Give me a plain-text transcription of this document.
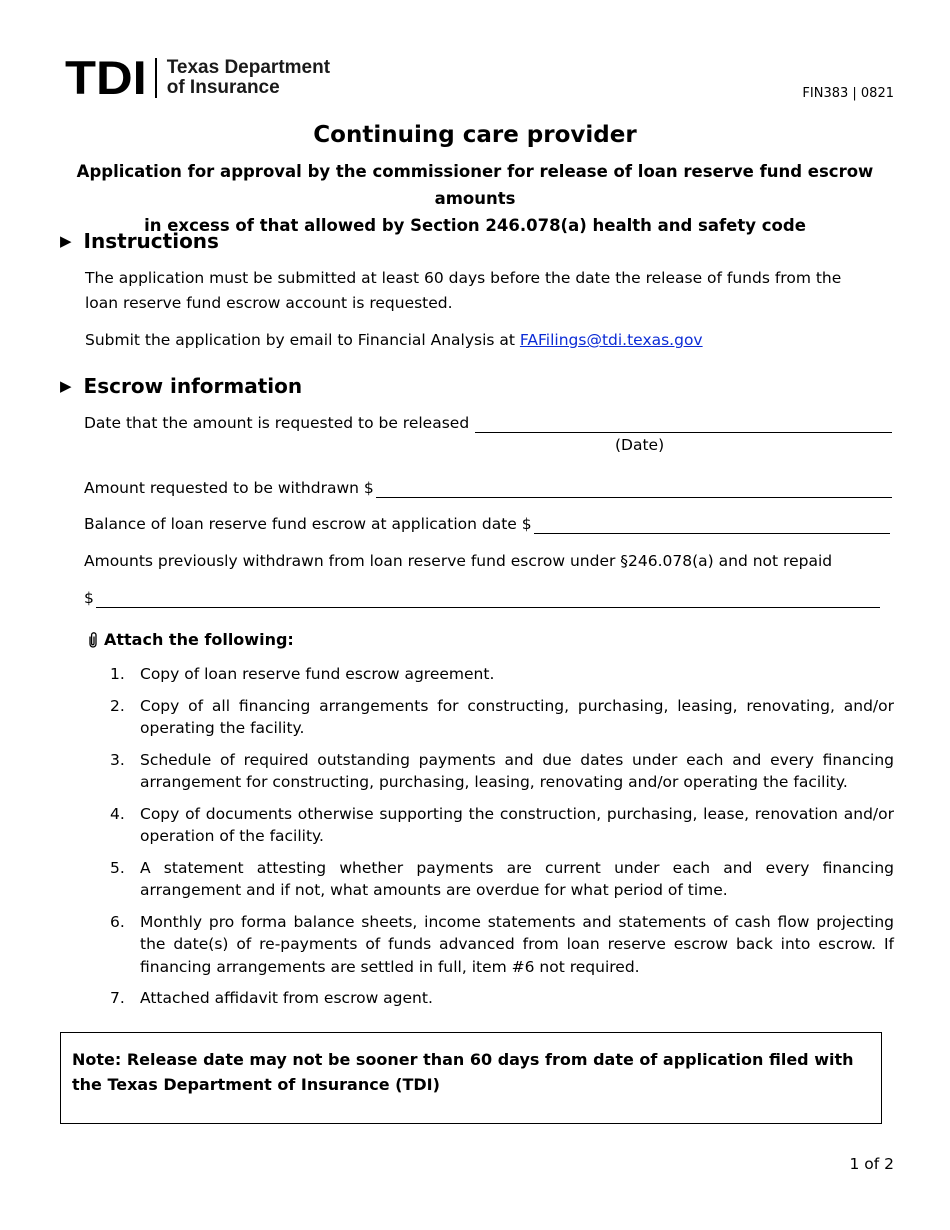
TDI Texas Department
of Insurance	FIN383 | 0821
Continuing care provider
Application for approval by the commissioner for release of loan reserve fund escrow amounts
in excess of that allowed by Section 246.078(a) health and safety code
▶ Instructions
The application must be submitted at least 60 days before the date the release of funds from the
loan reserve fund escrow account is requested.
Submit the application by email to Financial Analysis at FAFilings@tdi.texas.gov
▶ Escrow information
Date that the amount is requested to be released
(Date)
Amount requested to be withdrawn $
Balance of loan reserve fund escrow at application date $
Amounts previously withdrawn from loan reserve fund escrow under §246.078(a) and not repaid
$
Attach the following:
1. Copy of loan reserve fund escrow agreement.
2. Copy of all financing arrangements for constructing, purchasing, leasing, renovating, and/or operating the facility.
3. Schedule of required outstanding payments and due dates under each and every financing arrangement for constructing, purchasing, leasing, renovating and/or operating the facility.
4. Copy of documents otherwise supporting the construction, purchasing, lease, renovation and/or operation of the facility.
5. A statement attesting whether payments are current under each and every financing arrangement and if not, what amounts are overdue for what period of time.
6. Monthly pro forma balance sheets, income statements and statements of cash flow projecting the date(s) of re-payments of funds advanced from loan reserve escrow back into escrow. If financing arrangements are settled in full, item #6 not required.
7. Attached affidavit from escrow agent.
Note: Release date may not be sooner than 60 days from date of application filed with the Texas Department of Insurance (TDI)
1 of 2
